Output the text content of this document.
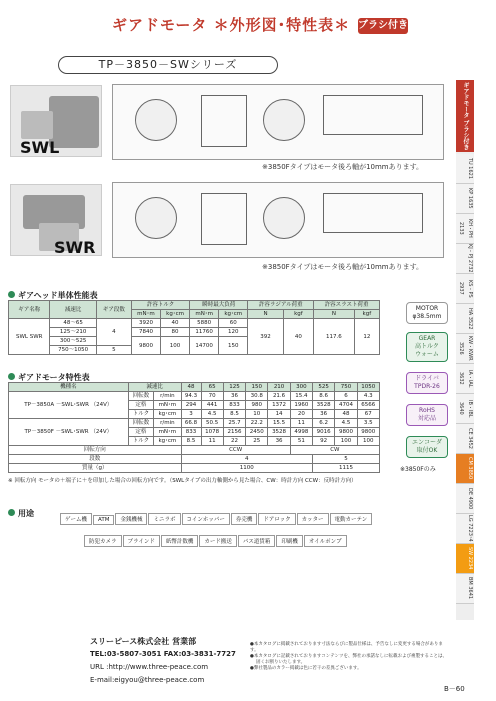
ギアドモータ ＊外形図･特性表＊ ブラシ付き
TP－3850－SWシリーズ
SWL
※3850Fタイプはモータ後ろ軸が10mmあります。
SWR
※3850Fタイプはモータ後ろ軸が10mmあります。
ギアヘッド単体性能表
ギア名称	減速比	ギア段数	許容トルク		瞬時最大負荷		許容ラジアル荷重		許容スラスト荷重	
			mN･m	kg･cm	mN･m	kg･cm	N	kgf	N	kgf
SWL SWR	48～65	4	3920	40	5880	60	392	40	117.6	12
	125～210		7840	80	11760	120				
	300～525		9800	100	14700	150				
	750～1050	5								
ギアドモータ特性表
機種名	減速比		48	65	125	150	210	300	525	750	1050
TP－3850A －SWL･SWR （24V）	回転数	r/min	94.3	70	36	30.8	21.6	15.4	8.6	6	4.3
	定格	mN･m	294	441	833	980	1372	1960	3528	4704	6566
	トルク	kg･cm	3	4.5	8.5	10	14	20	36	48	67
TP－3850F －SWL･SWR （24V）	回転数	r/min	66.8	50.5	25.7	22.2	15.5	11	6.2	4.5	3.5
	定格	mN･m	833	1078	2156	2450	3528	4998	9016	9800	9800
	トルク	kg･cm	8.5	11	22	25	36	51	92	100	100
回転方向			CCW					CW			
段数			4						5		
質量（g）			1100						1115		
※ 回転方向 モータの＋端子に＋を印加した場合の回転方向です。（SWLタイプの出力軸側から見た場合、CW：時計方向 CCW：反時計方向）
MOTOR
φ38.5mm
GEAR
高トルク
ウォーム
ドライバ
TPDR-26
RoHS
対応品
エンコーダ
取付OK
※3850Fのみ
用途
ゲーム機 ATM 金銭機械 ミニラボ コインホッパー 券売機 ドアロック カッター 電動カーテン
防犯カメラ ブラインド 紙幣計数機 カード搬送 パス道賃箱 印刷機 オイルポンプ
ギアドモータ ブラシ付き
TU 1621
KP 1635
KH・PH 2133
KJ・PJ 2732
KS・PS 2937
HA 3522
KW・KWR 3526
IA・IAL 3632
IB・IBL 3640
CE 3452
CM 3850
DE 4900
LG 7223･4
SW 2234
BM 3641
スリーピース株式会社 営業部
TEL:03-5807-3051 FAX:03-3831-7727
URL :http://www.three-peace.com
E-mail:eigyou@three-peace.com
●本カタログに掲載されております寸法ならびに製品仕様は、予告なしに変更する場合があります。
●本カタログに記載されておりますコンテンツを、弊社の承諾なしに転載および複製することは、
固くお断りいたします。
●弊社製品のカラー掲載は色に若干の差異ございます。
B－60
